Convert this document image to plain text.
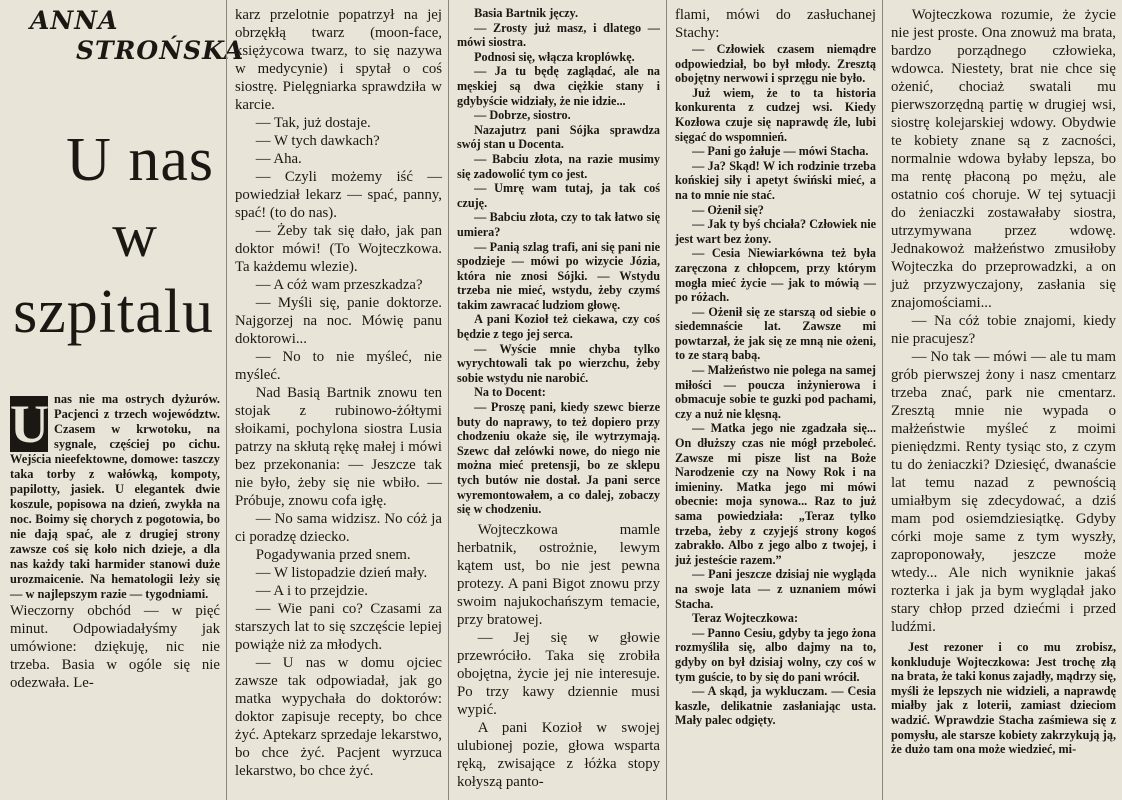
ANNA
STROŃSKA
U nas
w
szpitalu
U nas nie ma ostrych dyżurów. Pacjenci z trzech województw. Czasem w krwotoku, na sygnale, częściej po cichu. Wejścia nieefektowne, domowe: taszczy taka torby z wałówką, kompoty, papilotty, jasiek. U elegantek dwie koszule, popisowa na dzień, zwykła na noc. Boimy się chorych z pogotowia, bo nie dają spać, ale z drugiej strony zawsze coś się koło nich dzieje, a dla nas każdy taki harmider stanowi duże urozmaicenie. Na hematologii leży się — w najlepszym razie — tygodniami.

Wieczorny obchód — w pięć minut. Odpowiadałyśmy jak umówione: dziękuję, nic nie trzeba. Basia w ogóle się nie odezwała. Le-

karz przelotnie popatrzył na jej obrzękłą twarz (moon-face, księżycowa twarz, to się nazywa w medycynie) i spytał o coś siostrę. Pielęgniarka sprawdziła w karcie.

— Tak, już dostaje.

— W tych dawkach?

— Aha.

— Czyli możemy iść — powiedział lekarz — spać, panny, spać! (to do nas).

— Żeby tak się dało, jak pan doktor mówi! (To Wojteczkowa. Ta każdemu wlezie).

— A cóż wam przeszkadza?

— Myśli się, panie doktorze. Najgorzej na noc. Mówię panu doktorowi...

— No to nie myśleć, nie myśleć.

Nad Basią Bartnik znowu ten stojak z rubinowo-żółtymi słoikami, pochylona siostra Lusia patrzy na skłutą rękę małej i mówi bez przekonania: — Jeszcze tak nie było, żeby się nie wbiło. — Próbuje, znowu cofa igłę.

— No sama widzisz. No cóż ja ci poradzę dziecko.

Pogadywania przed snem.

— W listopadzie dzień mały.

— A i to przejdzie.

— Wie pani co? Czasami za starszych lat to się szczęście lepiej powiąże niż za młodych.

— U nas w domu ojciec zawsze tak odpowiadał, jak go matka wypychała do doktorów: doktor zapisuje recepty, bo chce żyć. Aptekarz sprzedaje lekarstwo, bo chce żyć. Pacjent wyrzuca lekarstwo, bo chce żyć.

Basia Bartnik jęczy.

— Zrosty już masz, i dlatego — mówi siostra.

Podnosi się, włącza kroplówkę.

— Ja tu będę zaglądać, ale na męskiej są dwa ciężkie stany i gdybyście widziały, że nie idzie...

— Dobrze, siostro.

Nazajutrz pani Sójka sprawdza swój stan u Docenta.

— Babciu złota, na razie musimy się zadowolić tym co jest.

— Umrę wam tutaj, ja tak coś czuję.

— Babciu złota, czy to tak łatwo się umiera?

— Panią szlag trafi, ani się pani nie spodzieje — mówi po wizycie Józia, która nie znosi Sójki. — Wstydu trzeba nie mieć, wstydu, żeby czymś takim zawracać ludziom głowę.

A pani Kozioł też ciekawa, czy coś będzie z tego jej serca.

— Wyście mnie chyba tylko wyrychtowali tak po wierzchu, żeby sobie wstydu nie narobić.

Na to Docent:

— Proszę pani, kiedy szewc bierze buty do naprawy, to też dopiero przy chodzeniu okaże się, ile wytrzymają. Szewc dał zelówki nowe, do niego nie można mieć pretensji, bo ze sklepu tych butów nie dostał. Ja pani serce wyremontowałem, a co dalej, zobaczy się w chodzeniu.

Wojteczkowa mamle herbatnik, ostrożnie, lewym kątem ust, bo nie jest pewna protezy. A pani Bigot znowu przy swoim najukochańszym temacie, przy bratowej.

— Jej się w głowie przewróciło. Taka się zrobiła obojętna, życie jej nie interesuje. Po trzy kawy dziennie musi wypić.

A pani Kozioł w swojej ulubionej pozie, głowa wsparta ręką, zwisające z łóżka stopy kołyszą panto-

flami, mówi do zasłuchanej Stachy:

— Człowiek czasem niemądre odpowiedział, bo był młody. Zresztą obojętny nerwowi i sprzęgu nie było.

Już wiem, że to ta historia konkurenta z cudzej wsi. Kiedy Kozłowa czuje się naprawdę źle, lubi sięgać do wspomnień.

— Pani go żałuje — mówi Stacha.

— Ja? Skąd! W ich rodzinie trzeba końskiej siły i apetyt świński mieć, a na to mnie nie stać.

— Ożenił się?

— Jak ty byś chciała? Człowiek nie jest wart bez żony.

— Cesia Niewiarkówna też była zaręczona z chłopcem, przy którym mogła mieć życie — jak to mówią — po różach.

— Ożenił się ze starszą od siebie o siedemnaście lat. Zawsze mi powtarzał, że jak się ze mną nie ożeni, to ze starą babą.

— Małżeństwo nie polega na samej miłości — poucza inżynierowa i obmacuje sobie te guzki pod pachami, czy a nuż nie klęsną.

— Matka jego nie zgadzała się... On dłuższy czas nie mógł przeboleć. Zawsze mi pisze list na Boże Narodzenie czy na Nowy Rok i na imieniny. Matka jego mi mówi obecnie: moja synowa... Raz to już sama powiedziała: „Teraz tylko trzeba, żeby z czyjejś strony kogoś zabrakło. Albo z jego albo z twojej, i już jesteście razem.”

— Pani jeszcze dzisiaj nie wygląda na swoje lata — z uznaniem mówi Stacha.

Teraz Wojteczkowa:

— Panno Cesiu, gdyby ta jego żona rozmyśliła się, albo dajmy na to, gdyby on był dzisiaj wolny, czy coś w tym guście, to by się do pani wrócił.

— A skąd, ja wykluczam. — Cesia kaszle, delikatnie zasłaniając usta. Mały palec odgięty.

Wojteczkowa rozumie, że życie nie jest proste. Ona znowuż ma brata, bardzo porządnego człowieka, wdowca. Niestety, brat nie chce się ożenić, chociaż swatali mu pierwszorzędną partię w drugiej wsi, siostrę kolejarskiej wdowy. Obydwie te kobiety znane są z zacności, normalnie wdowa byłaby lepsza, bo ma rentę płaconą po mężu, ale ostatnio coś choruje. W tej sytuacji do żeniaczki zostawałaby siostra, utrzymywana przez wdowę. Jednakowoż małżeństwo zmusiłoby Wojteczka do przeprowadzki, a on już przyzwyczajony, zasłania się znajomościami...

— Na cóż tobie znajomi, kiedy nie pracujesz?

— No tak — mówi — ale tu mam grób pierwszej żony i nasz cmentarz trzeba znać, park nie cmentarz. Zresztą mnie nie wypada o małżeństwie myśleć z moimi pieniędzmi. Renty tysiąc sto, z czym tu do żeniaczki? Dziesięć, dwanaście lat temu nazad z pewnością umiałbym się zdecydować, a dziś mam pod osiemdziesiątkę. Gdyby córki moje same z tym wyszły, zaproponowały, jeszcze może wtedy... Ale nich wyniknie jakaś rozterka i jak ja bym wyglądał jako stary chłop przed dziećmi i przed ludźmi.

Jest rezoner i co mu zrobisz, konkluduje Wojteczkowa: Jest trochę złą na brata, że taki konus zajadły, mądrzy się, myśli że lepszych nie widzieli, a naprawdę miałby jak z loterii, zamiast dzieciom wadzić. Wprawdzie Stacha zaśmiewa się z pomysłu, ale starsze kobiety zakrzykują ją, że dużo tam ona może wiedzieć, mi-
